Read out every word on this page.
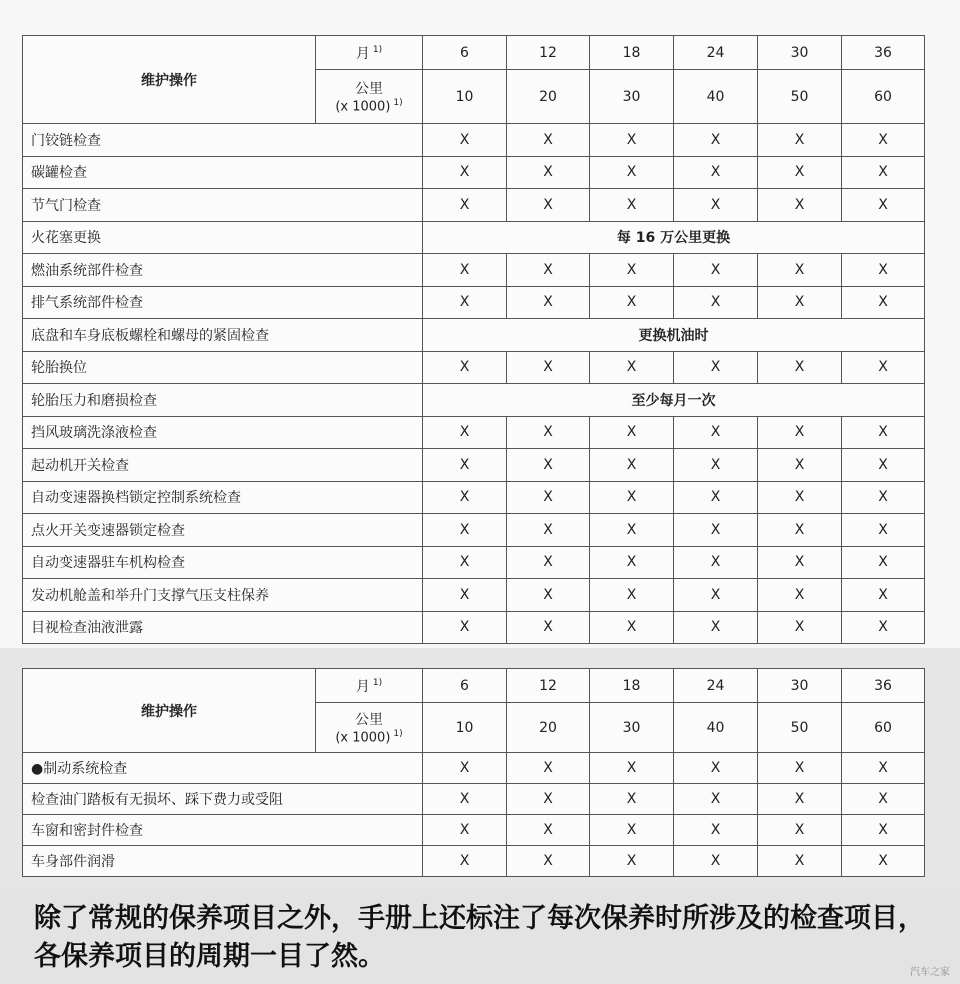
维护操作	月 $^{1)}$	6	12	18	24	30	36

	公里
(x 1000) $^{1)}$	10	20	30	40	50	60
门铰链检查		X	X	X	X	X	X
碳罐检查		X	X	X	X	X	X
节气门检查		X	X	X	X	X	X
火花塞更换		每 16 万公里更换					
燃油系统部件检查		X	X	X	X	X	X
排气系统部件检查		X	X	X	X	X	X
底盘和车身底板螺栓和螺母的紧固检查		更换机油时					
轮胎换位		X	X	X	X	X	X
轮胎压力和磨损检查		至少每月一次					
挡风玻璃洗涤液检查		X	X	X	X	X	X
起动机开关检查		X	X	X	X	X	X
自动变速器换档锁定控制系统检查		X	X	X	X	X	X
点火开关变速器锁定检查		X	X	X	X	X	X
自动变速器驻车机构检查		X	X	X	X	X	X
发动机舱盖和举升门支撑气压支柱保养		X	X	X	X	X	X
目视检查油液泄露		X	X	X	X	X	X
维护操作	月 $^{1)}$	6	12	18	24	30	36

	公里
(x 1000) $^{1)}$	10	20	30	40	50	60
●制动系统检查		X	X	X	X	X	X
检查油门踏板有无损坏、踩下费力或受阻		X	X	X	X	X	X
车窗和密封件检查		X	X	X	X	X	X
车身部件润滑		X	X	X	X	X	X
除了常规的保养项目之外，手册上还标注了每次保养时所涉及的检查项目，各保养项目的周期一目了然。
汽车之家
